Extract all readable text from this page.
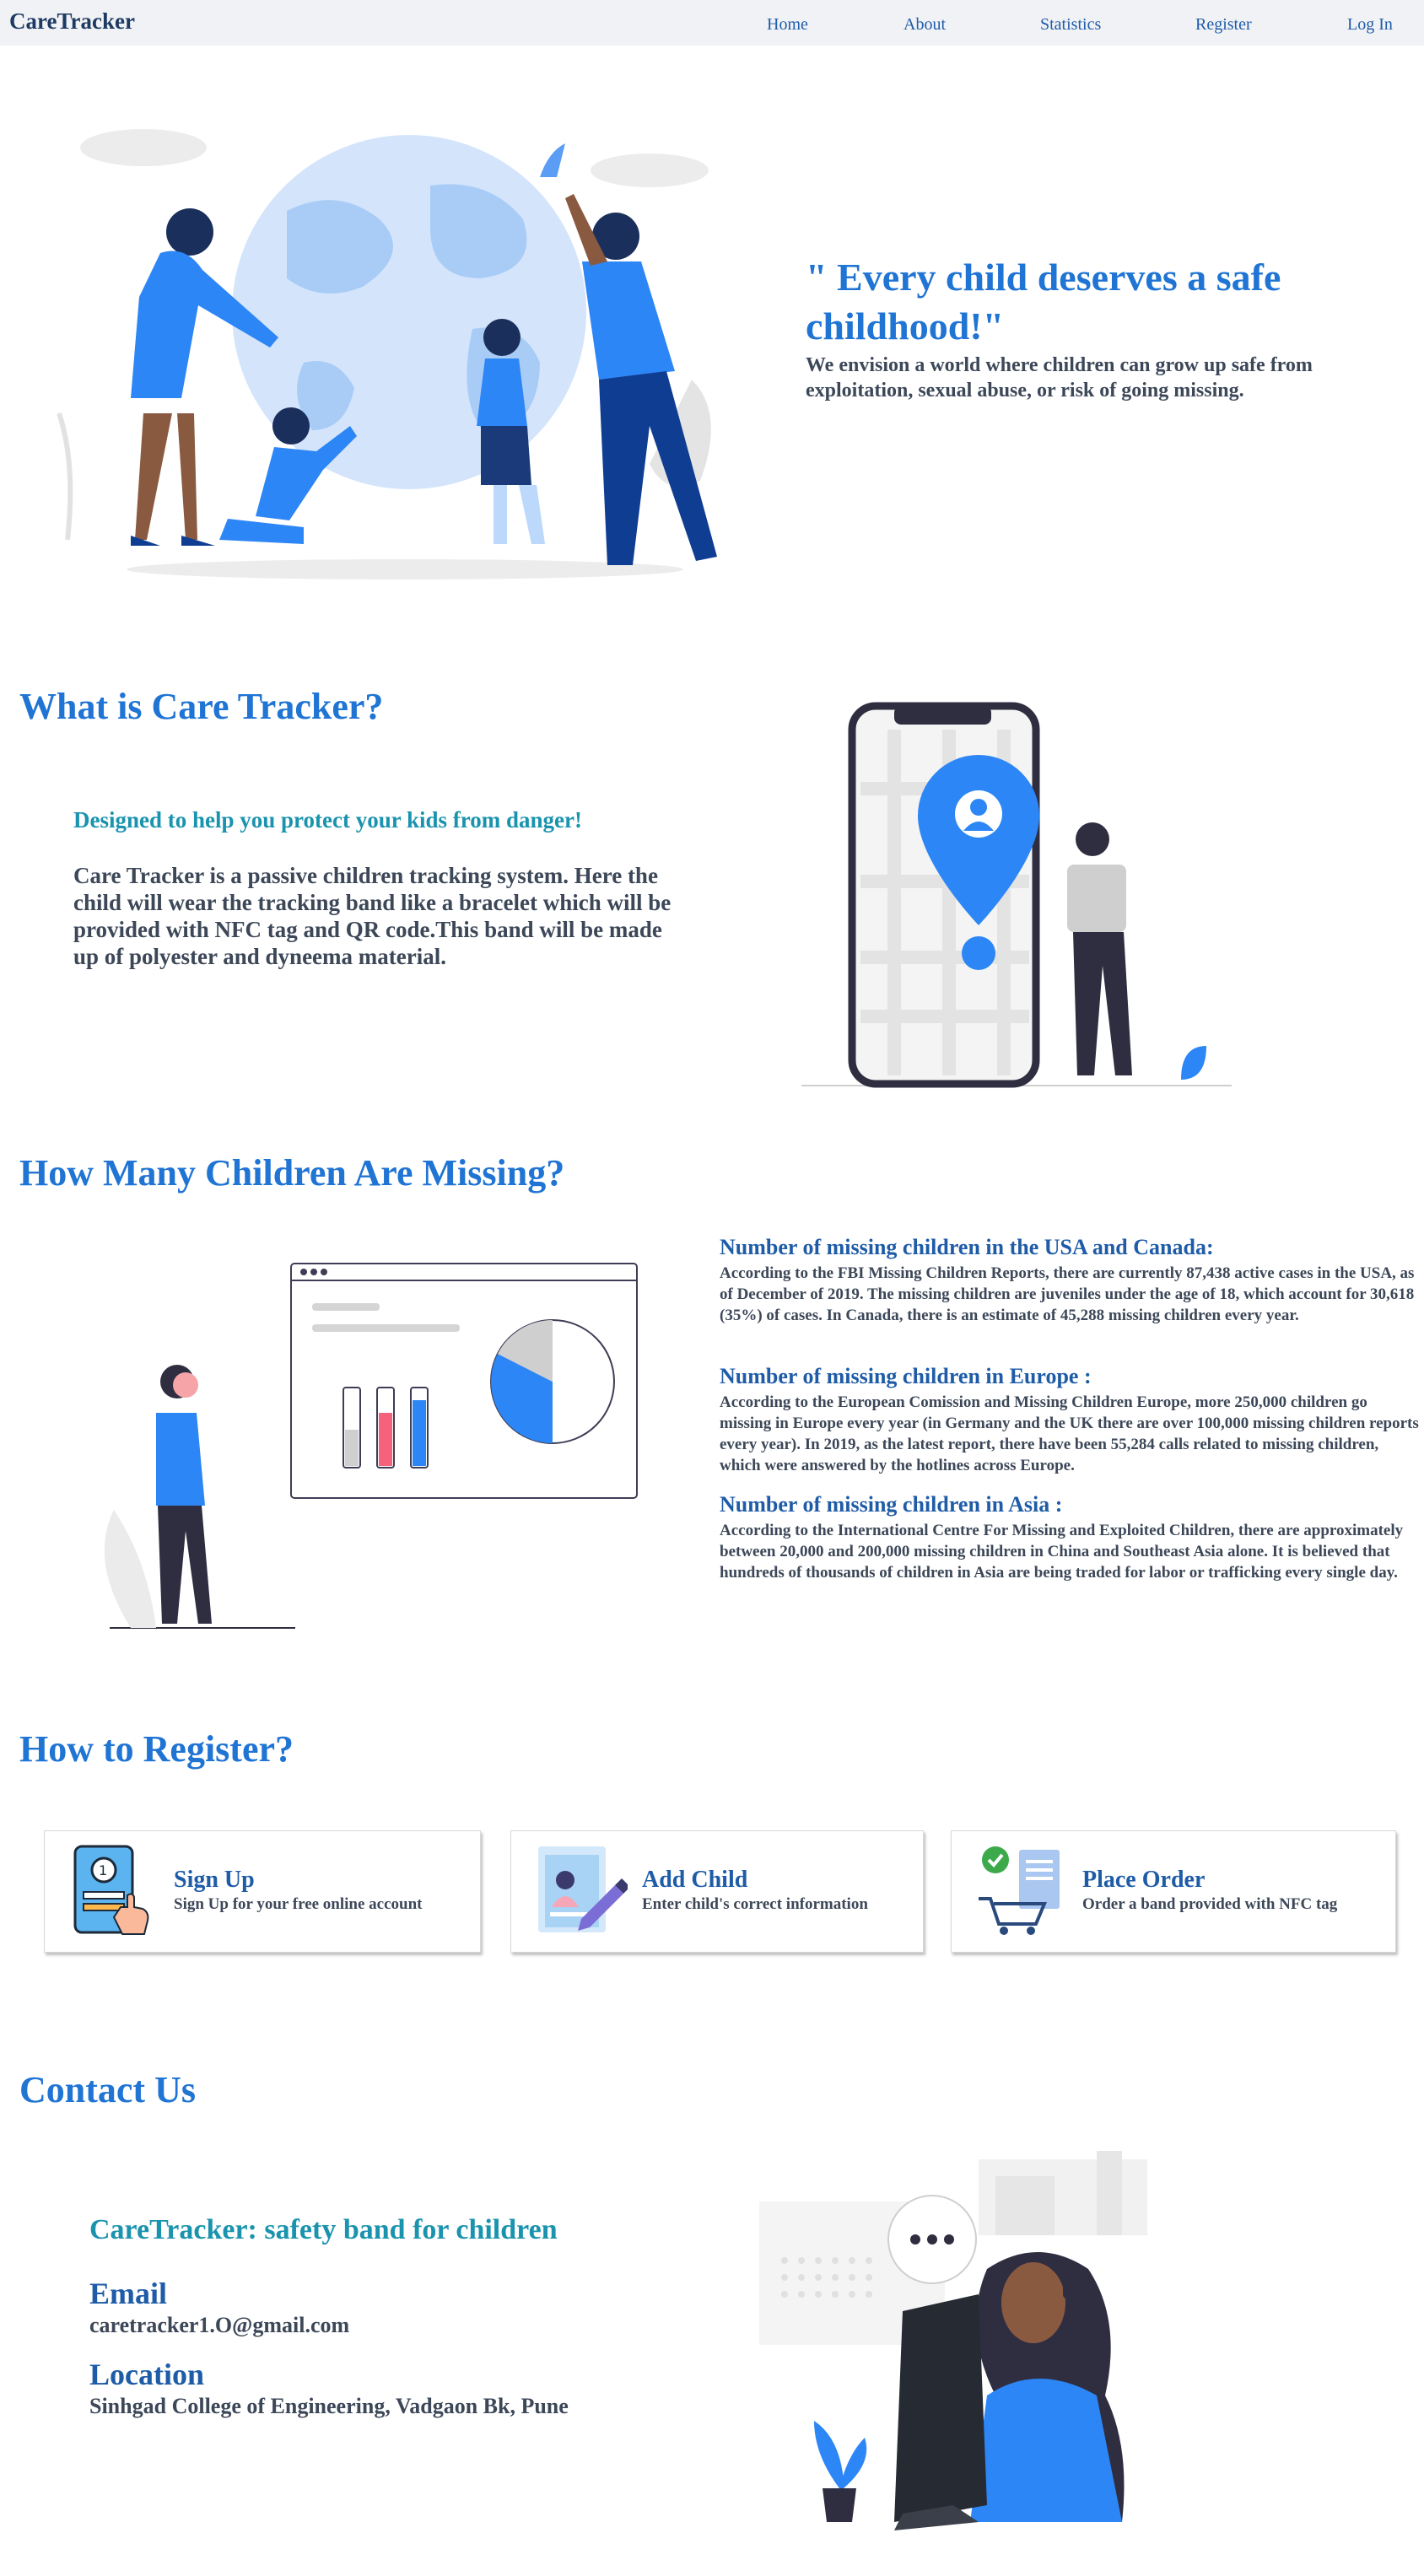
CareTracker	Home	About	Statistics	Register	Log In
" Every child deserves a safe childhood!"
We envision a world where children can grow up safe from exploitation, sexual abuse, or risk of going missing.
What is Care Tracker?
Designed to help you protect your kids from danger!
Care Tracker is a passive children tracking system. Here the child will wear the tracking band like a bracelet which will be provided with NFC tag and QR code.This band will be made up of polyester and dyneema material.
How Many Children Are Missing?
Number of missing children in the USA and Canada:

According to the FBI Missing Children Reports, there are currently 87,438 active cases in the USA, as of December of 2019. The missing children are juveniles under the age of 18, which account for 30,618 (35%) of cases. In Canada, there is an estimate of 45,288 missing children every year.

Number of missing children in Europe :

According to the European Comission and Missing Children Europe, more 250,000 children go missing in Europe every year (in Germany and the UK there are over 100,000 missing children reports every year). In 2019, as the latest report, there have been 55,284 calls related to missing children, which were answered by the hotlines across Europe.

Number of missing children in Asia :

According to the International Centre For Missing and Exploited Children, there are approximately between 20,000 and 200,000 missing children in China and Southeast Asia alone. It is believed that hundreds of thousands of children in Asia are being traded for labor or trafficking every single day.

How to Register?
1	Sign Up
Sign Up for your free online account
Add Child
Enter child's correct information
Place Order
Order a band provided with NFC tag
Contact Us
CareTracker: safety band for children
Email
caretracker1.O@gmail.com
Location
Sinhgad College of Engineering, Vadgaon Bk, Pune
